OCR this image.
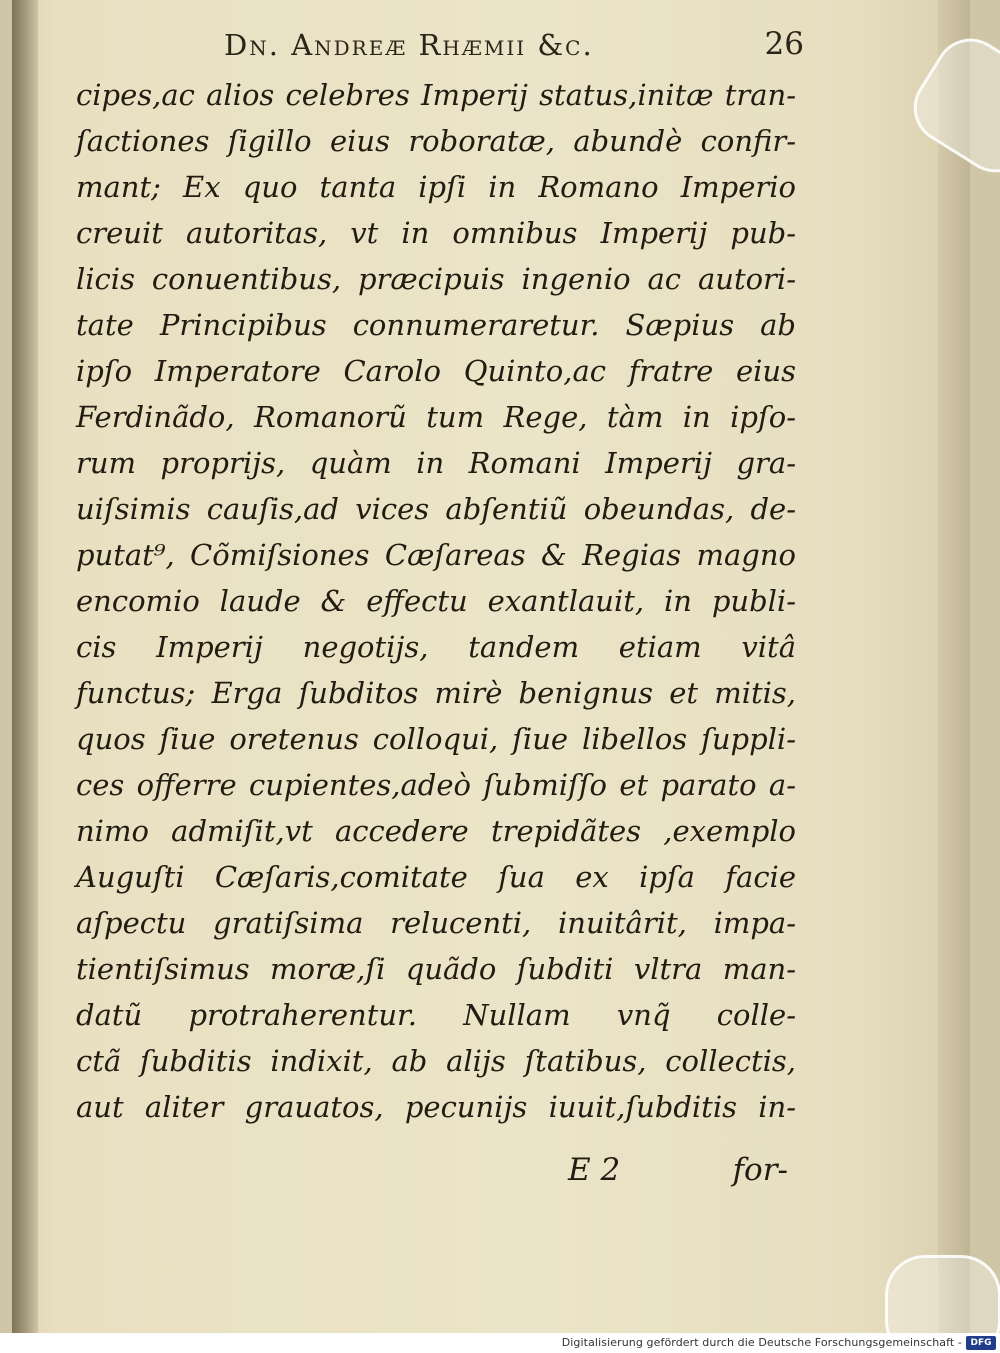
Dn. Andreæ Rhæmii &c.	26
cipes,ac alios celebres Imperij status,initæ tran-
ſactiones ſigillo eius roboratæ, abundè confir-
mant; Ex quo tanta ipſi in Romano Imperio
creuit autoritas, vt in omnibus Imperij pub-
licis conuentibus, præcipuis ingenio ac autori-
tate Principibus connumeraretur. Sæpius ab
ipſo Imperatore Carolo Quinto,ac fratre eius
Ferdinãdo, Romanorũ tum Rege, tàm in ipſo-
rum proprijs, quàm in Romani Imperij gra-
uiſsimis cauſis,ad vices abſentiũ obeundas, de-
putat⁹, Cõmiſsiones Cæſareas & Regias magno
encomio laude & effectu exantlauit, in publi-
cis Imperij negotijs, tandem etiam vitâ
functus; Erga ſubditos mirè benignus et mitis,
quos ſiue oretenus colloqui, ſiue libellos ſuppli-
ces offerre cupientes,adeò ſubmiſſo et parato a-
nimo admiſit,vt accedere trepidãtes ,exemplo
Auguſti Cæſaris,comitate ſua ex ipſa facie
aſpectu gratiſsima relucenti, inuitârit, impa-
tientiſsimus moræ,ſi quãdo ſubditi vltra man-
datũ protraherentur. Nullam vnq̃ colle-
ctã ſubditis indixit, ab alijs ſtatibus, collectis,
aut aliter grauatos, pecunijs iuuit,ſubditis in-
E 2	for-
Digitalisierung gefördert durch die Deutsche Forschungsgemeinschaft - DFG
